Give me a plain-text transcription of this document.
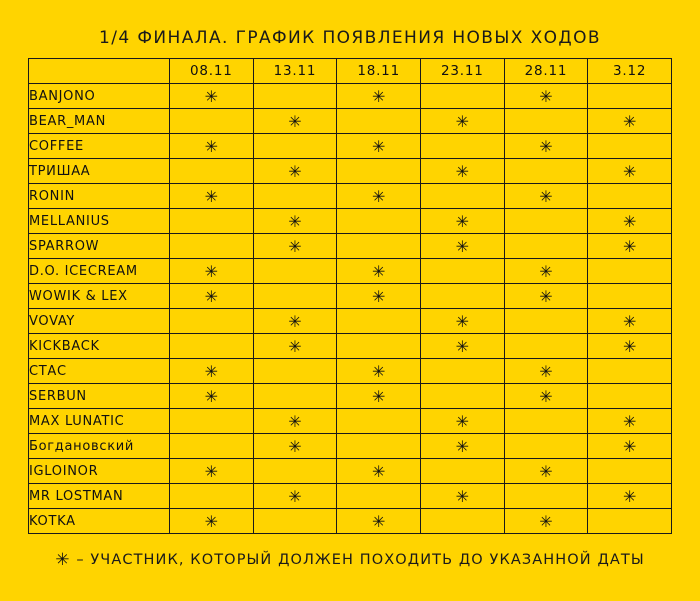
1/4 ФИНАЛА. ГРАФИК ПОЯВЛЕНИЯ НОВЫХ ХОДОВ
	08.11	13.11	18.11	23.11	28.11	3.12
BANJONO	✳		✳		✳	
BEAR_MAN		✳		✳		✳
COFFEE	✳		✳		✳	
ТРИШАА		✳		✳		✳
RONIN	✳		✳		✳	
MELLANIUS		✳		✳		✳
SPARROW		✳		✳		✳
D.O. ICECREAM	✳		✳		✳	
WOWIK & LEX	✳		✳		✳	
VOVAY		✳		✳		✳
KICKBACK		✳		✳		✳
СТАС	✳		✳		✳	
SERBUN	✳		✳		✳	
MAX LUNATIC		✳		✳		✳
Богдановский		✳		✳		✳
IGLOINOR	✳		✳		✳	
MR LOSTMAN		✳		✳		✳
KOTKA	✳		✳		✳	
✳ – УЧАСТНИК, КОТОРЫЙ ДОЛЖЕН ПОХОДИТЬ ДО УКАЗАННОЙ ДАТЫ
